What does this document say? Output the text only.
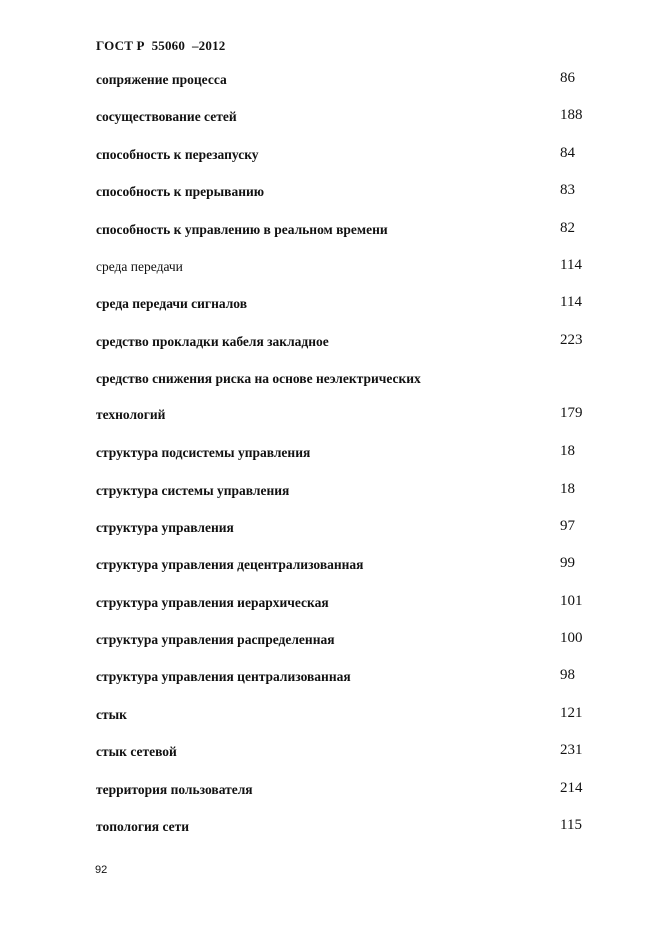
ГОСТ Р  55060  –2012
сопряжение процесса	86
сосуществование сетей	188
способность к перезапуску	84
способность к прерыванию	83
способность к управлению в реальном времени	82
среда передачи	114
среда передачи сигналов	114
средство прокладки кабеля закладное	223
средство снижения риска на основе неэлектрических
технологий	179
структура подсистемы управления	18
структура системы управления	18
структура управления	97
структура управления децентрализованная	99
структура управления иерархическая	101
структура управления распределенная	100
структура управления централизованная	98
стык	121
стык сетевой	231
территория пользователя	214
топология сети	115
92
